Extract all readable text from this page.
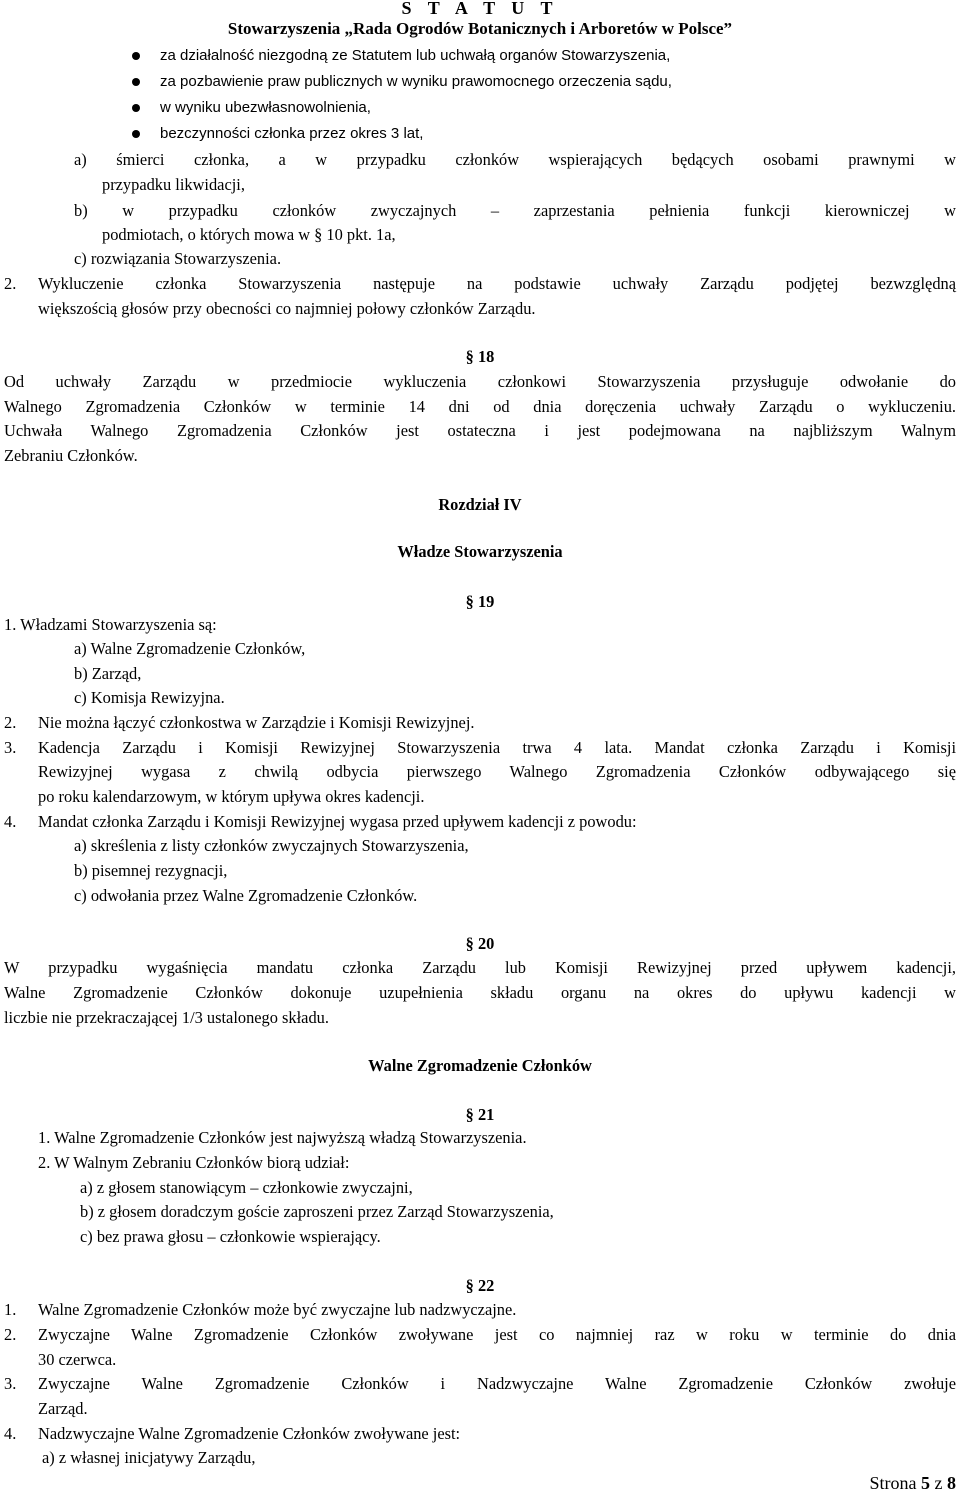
S T A T U T
Stowarzyszenia „Rada Ogrodów Botanicznych i Arboretów w Polsce”
za działalność niezgodną ze Statutem lub uchwałą organów Stowarzyszenia,
za pozbawienie praw publicznych w wyniku prawomocnego orzeczenia sądu,
w wyniku ubezwłasnowolnienia,
bezczynności członka przez okres 3 lat,
a) śmierci członka, a w przypadku członków wspierających będących osobami prawnymi w
przypadku likwidacji,
b) w przypadku członków zwyczajnych – zaprzestania pełnienia funkcji kierowniczej w
podmiotach, o których mowa w § 10 pkt. 1a,
c) rozwiązania Stowarzyszenia.
2. Wykluczenie członka Stowarzyszenia następuje na podstawie uchwały Zarządu podjętej bezwzględną
większością głosów przy obecności co najmniej połowy członków Zarządu.
§ 18
Od uchwały Zarządu w przedmiocie wykluczenia członkowi Stowarzyszenia przysługuje odwołanie do
Walnego Zgromadzenia Członków w terminie 14 dni od dnia doręczenia uchwały Zarządu o wykluczeniu.
Uchwała Walnego Zgromadzenia Członków jest ostateczna i jest podejmowana na najbliższym Walnym
Zebraniu Członków.
Rozdział IV
Władze Stowarzyszenia
§ 19
1. Władzami Stowarzyszenia są:
a) Walne Zgromadzenie Członków,
b) Zarząd,
c) Komisja Rewizyjna.
2. Nie można łączyć członkostwa w Zarządzie i Komisji Rewizyjnej.
3. Kadencja Zarządu i Komisji Rewizyjnej Stowarzyszenia trwa 4 lata. Mandat członka Zarządu i Komisji
Rewizyjnej wygasa z chwilą odbycia pierwszego Walnego Zgromadzenia Członków odbywającego się
po roku kalendarzowym, w którym upływa okres kadencji.
4. Mandat członka Zarządu i Komisji Rewizyjnej wygasa przed upływem kadencji z powodu:
a) skreślenia z listy członków zwyczajnych Stowarzyszenia,
b) pisemnej rezygnacji,
c) odwołania przez Walne Zgromadzenie Członków.
§ 20
W przypadku wygaśnięcia mandatu członka Zarządu lub Komisji Rewizyjnej przed upływem kadencji,
Walne Zgromadzenie Członków dokonuje uzupełnienia składu organu na okres do upływu kadencji w
liczbie nie przekraczającej 1/3 ustalonego składu.
Walne Zgromadzenie Członków
§ 21
1. Walne Zgromadzenie Członków jest najwyższą władzą Stowarzyszenia.
2. W Walnym Zebraniu Członków biorą udział:
a) z głosem stanowiącym – członkowie zwyczajni,
b) z głosem doradczym goście zaproszeni przez Zarząd Stowarzyszenia,
c) bez prawa głosu – członkowie wspierający.
§ 22
1. Walne Zgromadzenie Członków może być zwyczajne lub nadzwyczajne.
2. Zwyczajne Walne Zgromadzenie Członków zwoływane jest co najmniej raz w roku w terminie do dnia
30 czerwca.
3. Zwyczajne Walne Zgromadzenie Członków i Nadzwyczajne Walne Zgromadzenie Członków zwołuje
Zarząd.
4. Nadzwyczajne Walne Zgromadzenie Członków zwoływane jest:
a) z własnej inicjatywy Zarządu,
Strona 5 z 8
